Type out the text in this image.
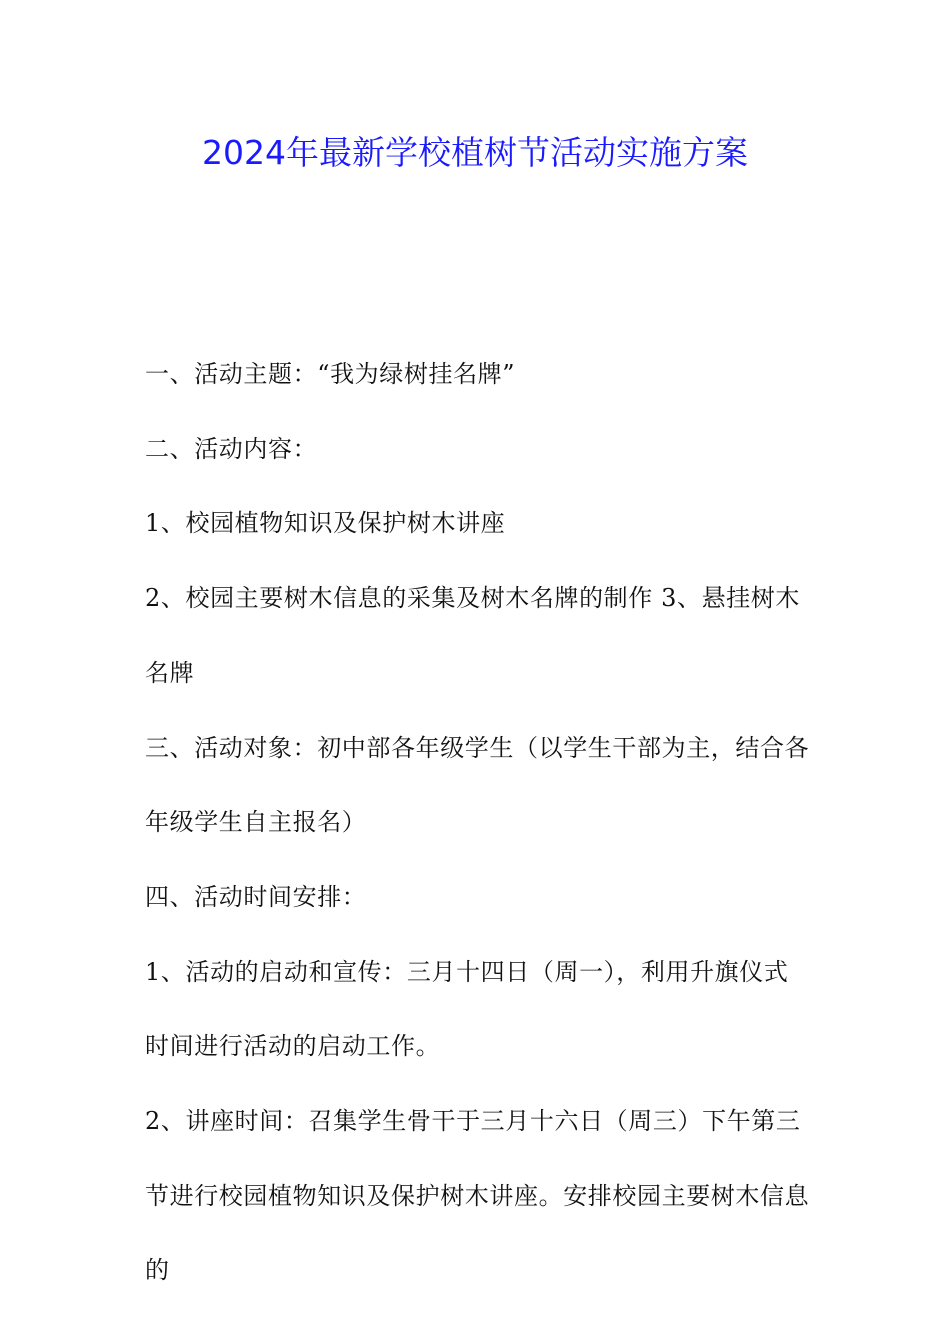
2024年最新学校植树节活动实施方案

一、活动主题：“我为绿树挂名牌”

二、活动内容：

1、校园植物知识及保护树木讲座

2、校园主要树木信息的采集及树木名牌的制作 3、悬挂树木名牌

三、活动对象：初中部各年级学生（以学生干部为主，结合各年级学生自主报名）

四、活动时间安排：

1、活动的启动和宣传：三月十四日（周一），利用升旗仪式时间进行活动的启动工作。

2、讲座时间：召集学生骨干于三月十六日（周三）下午第三节进行校园植物知识及保护树木讲座。安排校园主要树木信息的
